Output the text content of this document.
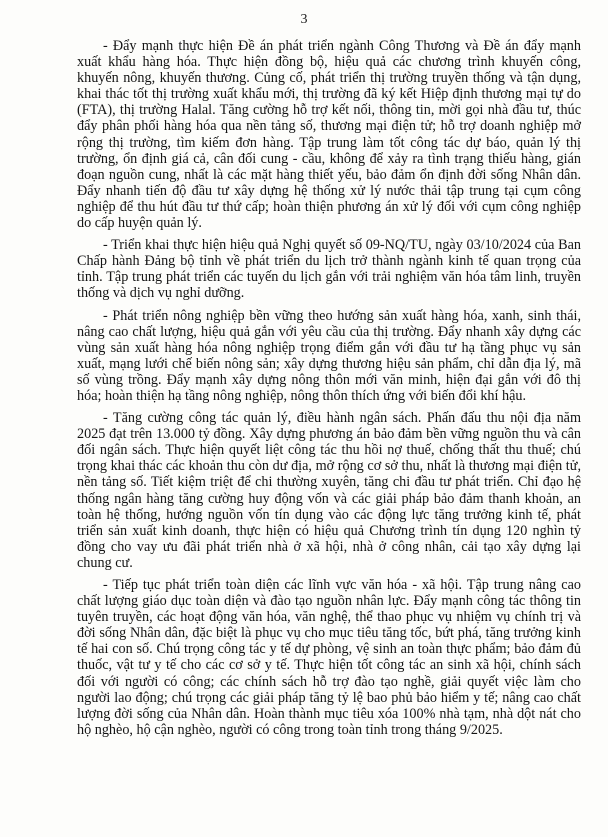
3

- Đẩy mạnh thực hiện Đề án phát triển ngành Công Thương và Đề án đẩy mạnh xuất khẩu hàng hóa. Thực hiện đồng bộ, hiệu quả các chương trình khuyến công, khuyến nông, khuyến thương. Củng cố, phát triển thị trường truyền thống và tận dụng, khai thác tốt thị trường xuất khẩu mới, thị trường đã ký kết Hiệp định thương mại tự do (FTA), thị trường Halal. Tăng cường hỗ trợ kết nối, thông tin, mời gọi nhà đầu tư, thúc đẩy phân phối hàng hóa qua nền tảng số, thương mại điện tử; hỗ trợ doanh nghiệp mở rộng thị trường, tìm kiếm đơn hàng. Tập trung làm tốt công tác dự báo, quản lý thị trường, ổn định giá cả, cân đối cung - cầu, không để xảy ra tình trạng thiếu hàng, gián đoạn nguồn cung, nhất là các mặt hàng thiết yếu, bảo đảm ổn định đời sống Nhân dân. Đẩy nhanh tiến độ đầu tư xây dựng hệ thống xử lý nước thải tập trung tại cụm công nghiệp để thu hút đầu tư thứ cấp; hoàn thiện phương án xử lý đối với cụm công nghiệp do cấp huyện quản lý.

- Triển khai thực hiện hiệu quả Nghị quyết số 09-NQ/TU, ngày 03/10/2024 của Ban Chấp hành Đảng bộ tỉnh về phát triển du lịch trở thành ngành kinh tế quan trọng của tỉnh. Tập trung phát triển các tuyến du lịch gắn với trải nghiệm văn hóa tâm linh, truyền thống và dịch vụ nghỉ dưỡng.

- Phát triển nông nghiệp bền vững theo hướng sản xuất hàng hóa, xanh, sinh thái, nâng cao chất lượng, hiệu quả gắn với yêu cầu của thị trường. Đẩy nhanh xây dựng các vùng sản xuất hàng hóa nông nghiệp trọng điểm gắn với đầu tư hạ tầng phục vụ sản xuất, mạng lưới chế biến nông sản; xây dựng thương hiệu sản phẩm, chỉ dẫn địa lý, mã số vùng trồng. Đẩy mạnh xây dựng nông thôn mới văn minh, hiện đại gắn với đô thị hóa; hoàn thiện hạ tầng nông nghiệp, nông thôn thích ứng với biến đổi khí hậu.

- Tăng cường công tác quản lý, điều hành ngân sách. Phấn đấu thu nội địa năm 2025 đạt trên 13.000 tỷ đồng. Xây dựng phương án bảo đảm bền vững nguồn thu và cân đối ngân sách. Thực hiện quyết liệt công tác thu hồi nợ thuế, chống thất thu thuế; chú trọng khai thác các khoản thu còn dư địa, mở rộng cơ sở thu, nhất là thương mại điện tử, nền tảng số. Tiết kiệm triệt để chi thường xuyên, tăng chi đầu tư phát triển. Chỉ đạo hệ thống ngân hàng tăng cường huy động vốn và các giải pháp bảo đảm thanh khoản, an toàn hệ thống, hướng nguồn vốn tín dụng vào các động lực tăng trưởng kinh tế, phát triển sản xuất kinh doanh, thực hiện có hiệu quả Chương trình tín dụng 120 nghìn tỷ đồng cho vay ưu đãi phát triển nhà ở xã hội, nhà ở công nhân, cải tạo xây dựng lại chung cư.

- Tiếp tục phát triển toàn diện các lĩnh vực văn hóa - xã hội. Tập trung nâng cao chất lượng giáo dục toàn diện và đào tạo nguồn nhân lực. Đẩy mạnh công tác thông tin tuyên truyền, các hoạt động văn hóa, văn nghệ, thể thao phục vụ nhiệm vụ chính trị và đời sống Nhân dân, đặc biệt là phục vụ cho mục tiêu tăng tốc, bứt phá, tăng trưởng kinh tế hai con số. Chú trọng công tác y tế dự phòng, vệ sinh an toàn thực phẩm; bảo đảm đủ thuốc, vật tư y tế cho các cơ sở y tế. Thực hiện tốt công tác an sinh xã hội, chính sách đối với người có công; các chính sách hỗ trợ đào tạo nghề, giải quyết việc làm cho người lao động; chú trọng các giải pháp tăng tỷ lệ bao phủ bảo hiểm y tế; nâng cao chất lượng đời sống của Nhân dân. Hoàn thành mục tiêu xóa 100% nhà tạm, nhà dột nát cho hộ nghèo, hộ cận nghèo, người có công trong toàn tỉnh trong tháng 9/2025.
